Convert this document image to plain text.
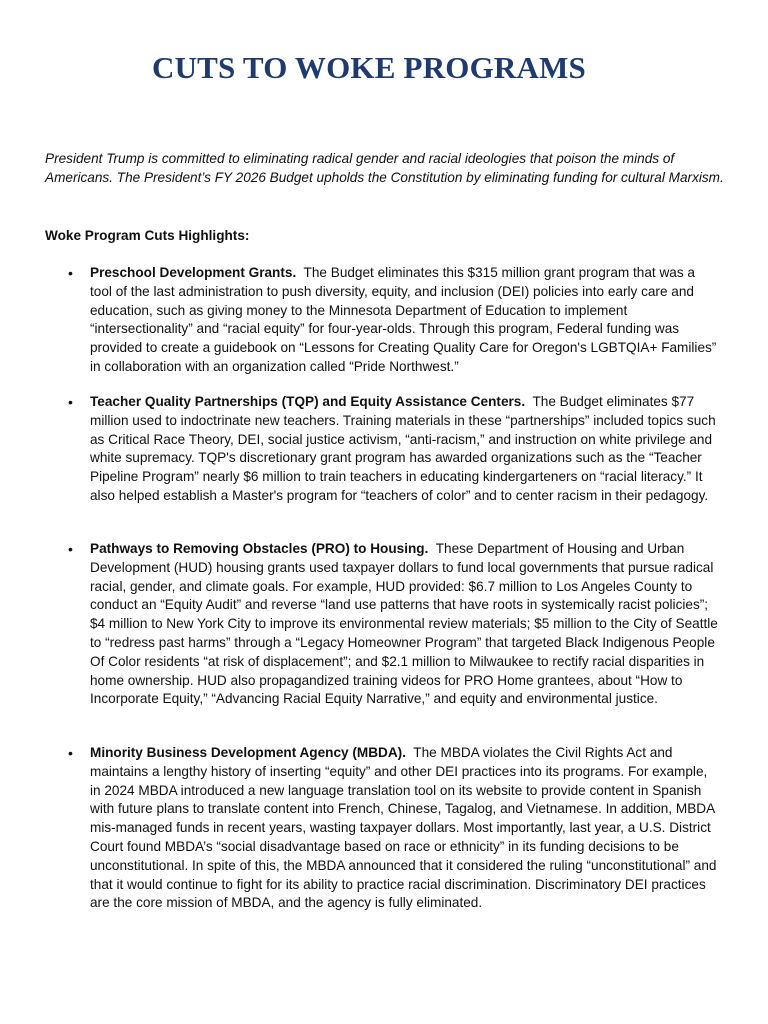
CUTS TO WOKE PROGRAMS

President Trump is committed to eliminating radical gender and racial ideologies that poison the minds of Americans. The President’s FY 2026 Budget upholds the Constitution by eliminating funding for cultural Marxism.

Woke Program Cuts Highlights:

• Preschool Development Grants. The Budget eliminates this $315 million grant program that was a tool of the last administration to push diversity, equity, and inclusion (DEI) policies into early care and education, such as giving money to the Minnesota Department of Education to implement “intersectionality” and “racial equity” for four-year-olds. Through this program, Federal funding was provided to create a guidebook on “Lessons for Creating Quality Care for Oregon's LGBTQIA+ Families” in collaboration with an organization called “Pride Northwest.”

• Teacher Quality Partnerships (TQP) and Equity Assistance Centers. The Budget eliminates $77 million used to indoctrinate new teachers. Training materials in these “partnerships” included topics such as Critical Race Theory, DEI, social justice activism, “anti-racism,” and instruction on white privilege and white supremacy. TQP's discretionary grant program has awarded organizations such as the “Teacher Pipeline Program” nearly $6 million to train teachers in educating kindergarteners on “racial literacy.” It also helped establish a Master's program for “teachers of color” and to center racism in their pedagogy.

• Pathways to Removing Obstacles (PRO) to Housing. These Department of Housing and Urban Development (HUD) housing grants used taxpayer dollars to fund local governments that pursue radical racial, gender, and climate goals. For example, HUD provided: $6.7 million to Los Angeles County to conduct an “Equity Audit” and reverse “land use patterns that have roots in systemically racist policies”; $4 million to New York City to improve its environmental review materials; $5 million to the City of Seattle to “redress past harms” through a “Legacy Homeowner Program” that targeted Black Indigenous People Of Color residents “at risk of displacement”; and $2.1 million to Milwaukee to rectify racial disparities in home ownership. HUD also propagandized training videos for PRO Home grantees, about “How to Incorporate Equity,” “Advancing Racial Equity Narrative,” and equity and environmental justice.

• Minority Business Development Agency (MBDA). The MBDA violates the Civil Rights Act and maintains a lengthy history of inserting “equity” and other DEI practices into its programs. For example, in 2024 MBDA introduced a new language translation tool on its website to provide content in Spanish with future plans to translate content into French, Chinese, Tagalog, and Vietnamese. In addition, MBDA mis-managed funds in recent years, wasting taxpayer dollars. Most importantly, last year, a U.S. District Court found MBDA’s “social disadvantage based on race or ethnicity” in its funding decisions to be unconstitutional. In spite of this, the MBDA announced that it considered the ruling “unconstitutional” and that it would continue to fight for its ability to practice racial discrimination. Discriminatory DEI practices are the core mission of MBDA, and the agency is fully eliminated.
